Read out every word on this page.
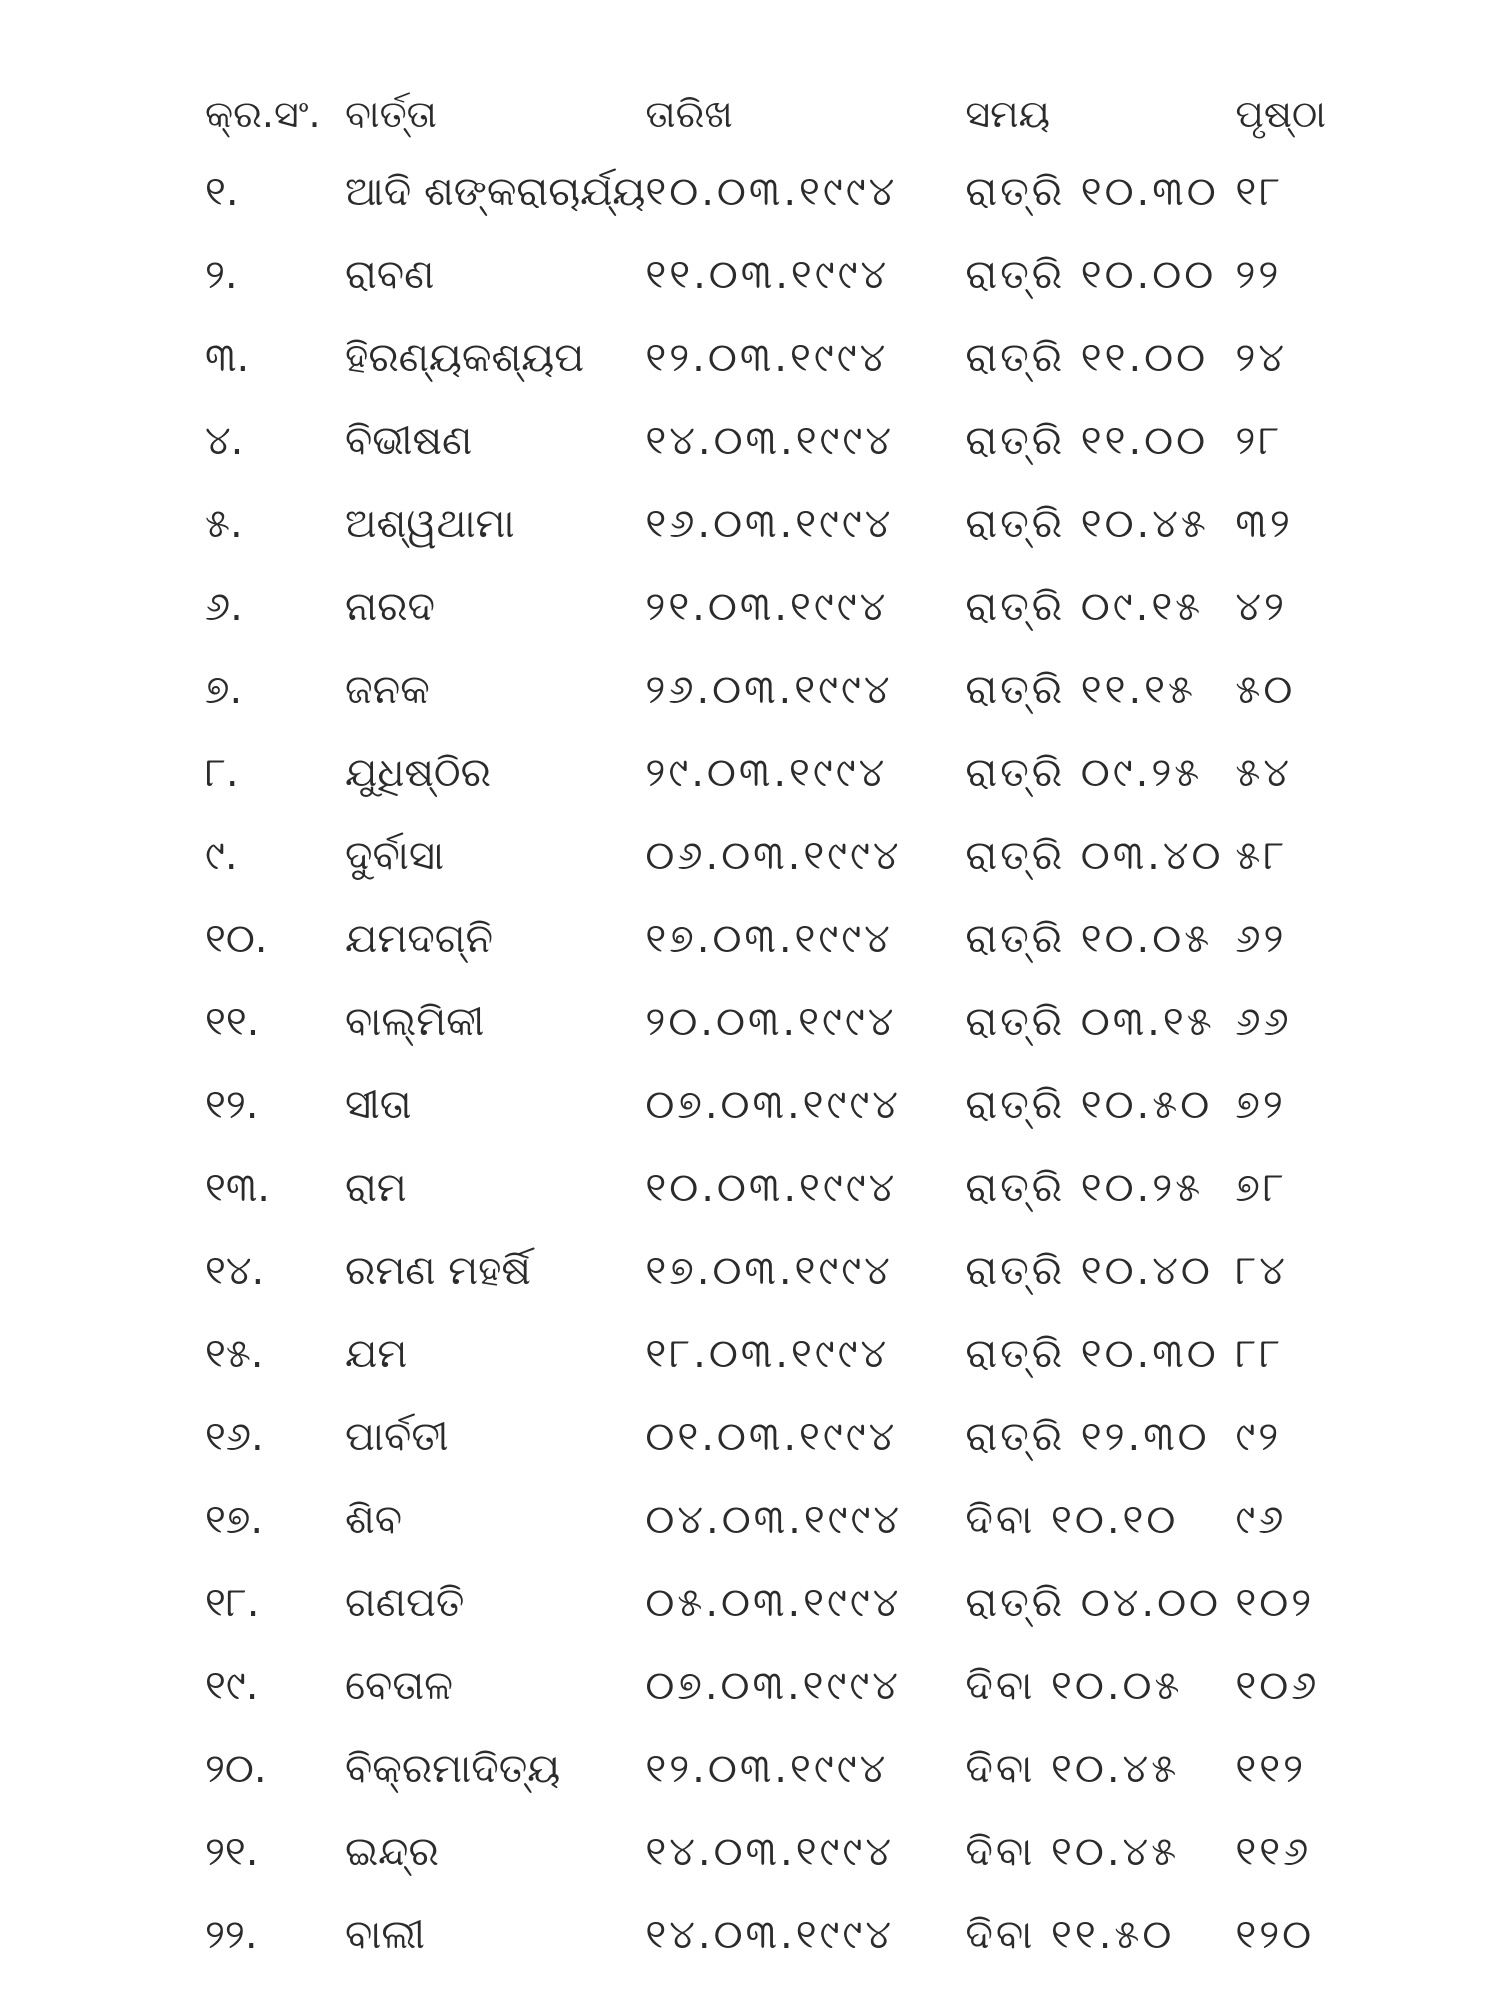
କ୍ର.ସଂ.	ବାର୍ତ୍ତା	ତାରିଖ	ସମୟ	ପୃଷ୍ଠା
୧.	ଆଦି ଶଙ୍କରାଚାର୍ଯ୍ୟ	୧୦.୦୩.୧୯୯୪	ରାତ୍ରି ୧୦.୩୦	୧୮
୨.	ରାବଣ	୧୧.୦୩.୧୯୯୪	ରାତ୍ରି ୧୦.୦୦	୨୨
୩.	ହିରଣ୍ୟକଶ୍ୟପ	୧୨.୦୩.୧୯୯୪	ରାତ୍ରି ୧୧.୦୦	୨୪
୪.	ବିଭୀଷଣ	୧୪.୦୩.୧୯୯୪	ରାତ୍ରି ୧୧.୦୦	୨୮
୫.	ଅଶ୍ୱଥାମା	୧୬.୦୩.୧୯୯୪	ରାତ୍ରି ୧୦.୪୫	୩୨
୬.	ନାରଦ	୨୧.୦୩.୧୯୯୪	ରାତ୍ରି ୦୯.୧୫	୪୨
୭.	ଜନକ	୨୬.୦୩.୧୯୯୪	ରାତ୍ରି ୧୧.୧୫	୫୦
୮.	ଯୁଧିଷ୍ଠିର	୨୯.୦୩.୧୯୯୪	ରାତ୍ରି ୦୯.୨୫	୫୪
୯.	ଦୁର୍ବାସା	୦୬.୦୩.୧୯୯୪	ରାତ୍ରି ୦୩.୪୦	୫୮
୧୦.	ଯମଦଗ୍ନି	୧୭.୦୩.୧୯୯୪	ରାତ୍ରି ୧୦.୦୫	୬୨
୧୧.	ବାଲ୍ମିକୀ	୨୦.୦୩.୧୯୯୪	ରାତ୍ରି ୦୩.୧୫	୬୬
୧୨.	ସୀତା	୦୭.୦୩.୧୯୯୪	ରାତ୍ରି ୧୦.୫୦	୭୨
୧୩.	ରାମ	୧୦.୦୩.୧୯୯୪	ରାତ୍ରି ୧୦.୨୫	୭୮
୧୪.	ରମଣ ମହର୍ଷି	୧୭.୦୩.୧୯୯୪	ରାତ୍ରି ୧୦.୪୦	୮୪
୧୫.	ଯମ	୧୮.୦୩.୧୯୯୪	ରାତ୍ରି ୧୦.୩୦	୮୮
୧୬.	ପାର୍ବତୀ	୦୧.୦୩.୧୯୯୪	ରାତ୍ରି ୧୨.୩୦	୯୨
୧୭.	ଶିବ	୦୪.୦୩.୧୯୯୪	ଦିବା ୧୦.୧୦	୯୬
୧୮.	ଗଣପତି	୦୫.୦୩.୧୯୯୪	ରାତ୍ରି ୦୪.୦୦	୧୦୨
୧୯.	ବେତାଳ	୦୭.୦୩.୧୯୯୪	ଦିବା ୧୦.୦୫	୧୦୬
୨୦.	ବିକ୍ରମାଦିତ୍ୟ	୧୨.୦୩.୧୯୯୪	ଦିବା ୧୦.୪୫	୧୧୨
୨୧.	ଇନ୍ଦ୍ର	୧୪.୦୩.୧୯୯୪	ଦିବା ୧୦.୪୫	୧୧୬
୨୨.	ବାଲୀ	୧୪.୦୩.୧୯୯୪	ଦିବା ୧୧.୫୦	୧୨୦
